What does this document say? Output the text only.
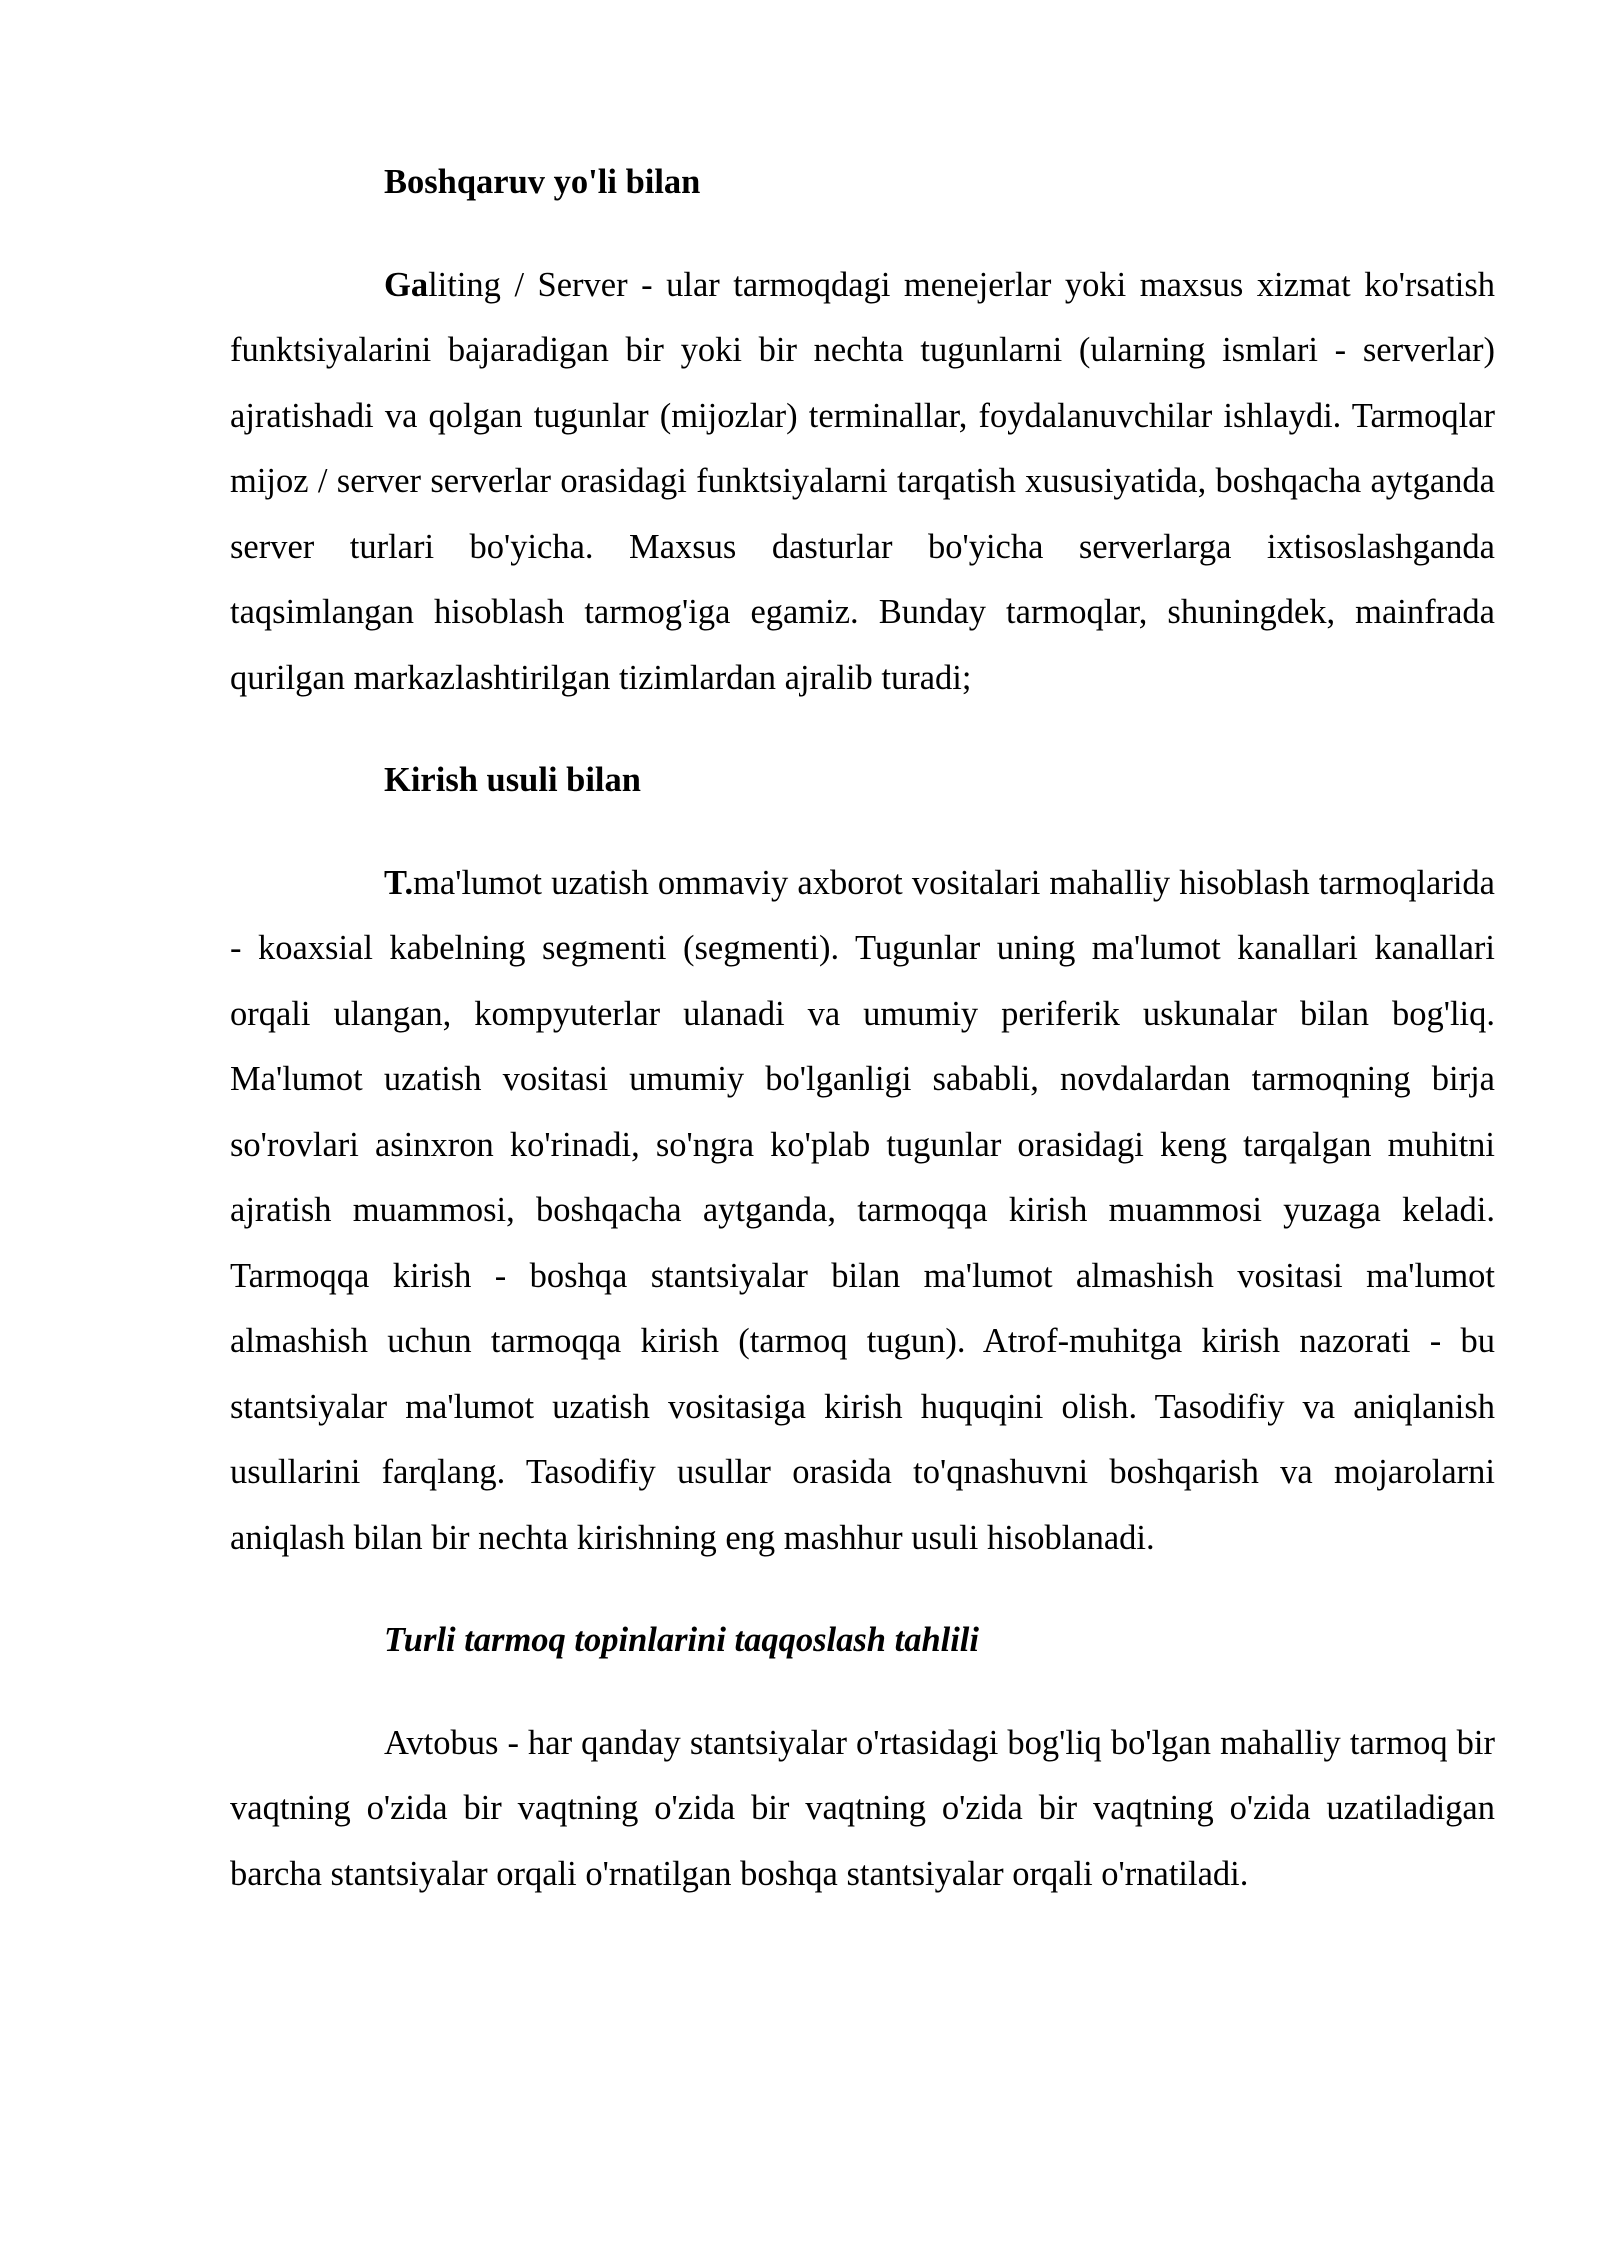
Boshqaruv yo'li bilan

Galiting / Server - ular tarmoqdagi menejerlar yoki maxsus xizmat ko'rsatish funktsiyalarini bajaradigan bir yoki bir nechta tugunlarni (ularning ismlari - serverlar) ajratishadi va qolgan tugunlar (mijozlar) terminallar, foydalanuvchilar ishlaydi. Tarmoqlar mijoz / server serverlar orasidagi funktsiyalarni tarqatish xususiyatida, boshqacha aytganda server turlari bo'yicha. Maxsus dasturlar bo'yicha serverlarga ixtisoslashganda taqsimlangan hisoblash tarmog'iga egamiz. Bunday tarmoqlar, shuningdek, mainfrada qurilgan markazlashtirilgan tizimlardan ajralib turadi;

Kirish usuli bilan

T.ma'lumot uzatish ommaviy axborot vositalari mahalliy hisoblash tarmoqlarida - koaxsial kabelning segmenti (segmenti). Tugunlar uning ma'lumot kanallari kanallari orqali ulangan, kompyuterlar ulanadi va umumiy periferik uskunalar bilan bog'liq. Ma'lumot uzatish vositasi umumiy bo'lganligi sababli, novdalardan tarmoqning birja so'rovlari asinxron ko'rinadi, so'ngra ko'plab tugunlar orasidagi keng tarqalgan muhitni ajratish muammosi, boshqacha aytganda, tarmoqqa kirish muammosi yuzaga keladi. Tarmoqqa kirish - boshqa stantsiyalar bilan ma'lumot almashish vositasi ma'lumot almashish uchun tarmoqqa kirish (tarmoq tugun). Atrof-muhitga kirish nazorati - bu stantsiyalar ma'lumot uzatish vositasiga kirish huquqini olish. Tasodifiy va aniqlanish usullarini farqlang. Tasodifiy usullar orasida to'qnashuvni boshqarish va mojarolarni aniqlash bilan bir nechta kirishning eng mashhur usuli hisoblanadi.

Turli tarmoq topinlarini taqqoslash tahlili

Avtobus - har qanday stantsiyalar o'rtasidagi bog'liq bo'lgan mahalliy tarmoq bir vaqtning o'zida bir vaqtning o'zida bir vaqtning o'zida bir vaqtning o'zida uzatiladigan barcha stantsiyalar orqali o'rnatilgan boshqa stantsiyalar orqali o'rnatiladi.
